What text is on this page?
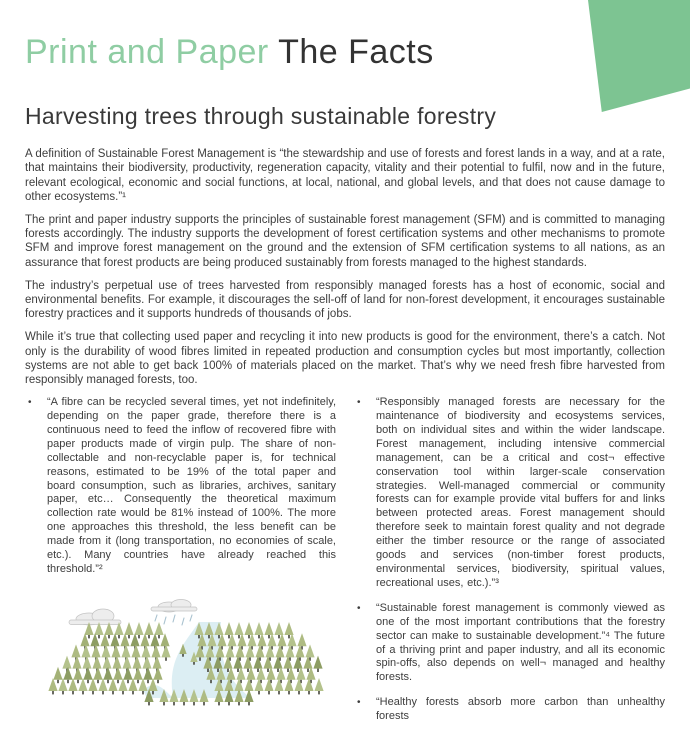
Print and Paper The Facts
Harvesting trees through sustainable forestry

A definition of Sustainable Forest Management is “the stewardship and use of forests and forest lands in a way, and at a rate, that maintains their biodiversity, productivity, regeneration capacity, vitality and their potential to fulfil, now and in the future, relevant ecological, economic and social functions, at local, national, and global levels, and that does not cause damage to other ecosystems.”¹

The print and paper industry supports the principles of sustainable forest management (SFM) and is committed to managing forests accordingly. The industry supports the development of forest certification systems and other mechanisms to promote SFM and improve forest management on the ground and the extension of SFM certification systems to all nations, as an assurance that forest products are being produced sustainably from forests managed to the highest standards.

The industry’s perpetual use of trees harvested from responsibly managed forests has a host of economic, social and environmental benefits. For example, it discourages the sell-off of land for non-forest development, it encourages sustainable forestry practices and it supports hundreds of thousands of jobs.

While it’s true that collecting used paper and recycling it into new products is good for the environment, there’s a catch. Not only is the durability of wood fibres limited in repeated production and consumption cycles but most importantly, collection systems are not able to get back 100% of materials placed on the market. That’s why we need fresh fibre harvested from responsibly managed forests, too.

•	“A fibre can be recycled several times, yet not indefinitely, depending on the paper grade, therefore there is a continuous need to feed the inflow of recovered fibre with paper products made of virgin pulp. The share of non-collectable and non-recyclable paper is, for technical reasons, estimated to be 19% of the total paper and board consumption, such as libraries, archives, sanitary paper, etc… Consequently the theoretical maximum collection rate would be 81% instead of 100%. The more one approaches this threshold, the less benefit can be made from it (long transportation, no economies of scale, etc.). Many countries have already reached this threshold.”²
•	“Responsibly managed forests are necessary for the maintenance of biodiversity and ecosystems services, both on individual sites and within the wider landscape. Forest management, including intensive commercial management, can be a critical and cost¬ effective conservation tool within larger-scale conservation strategies. Well-managed commercial or community forests can for example provide vital buffers for and links between protected areas. Forest management should therefore seek to maintain forest quality and not degrade either the timber resource or the range of associated goods and services (non-timber forest products, environmental services, biodiversity, spiritual values, recreational uses, etc.).”³
•	“Sustainable forest management is commonly viewed as one of the most important contributions that the forestry sector can make to sustainable development.”⁴ The future of a thriving print and paper industry, and all its economic spin-offs, also depends on well¬ managed and healthy forests.
•	“Healthy forests absorb more carbon than unhealthy forests
